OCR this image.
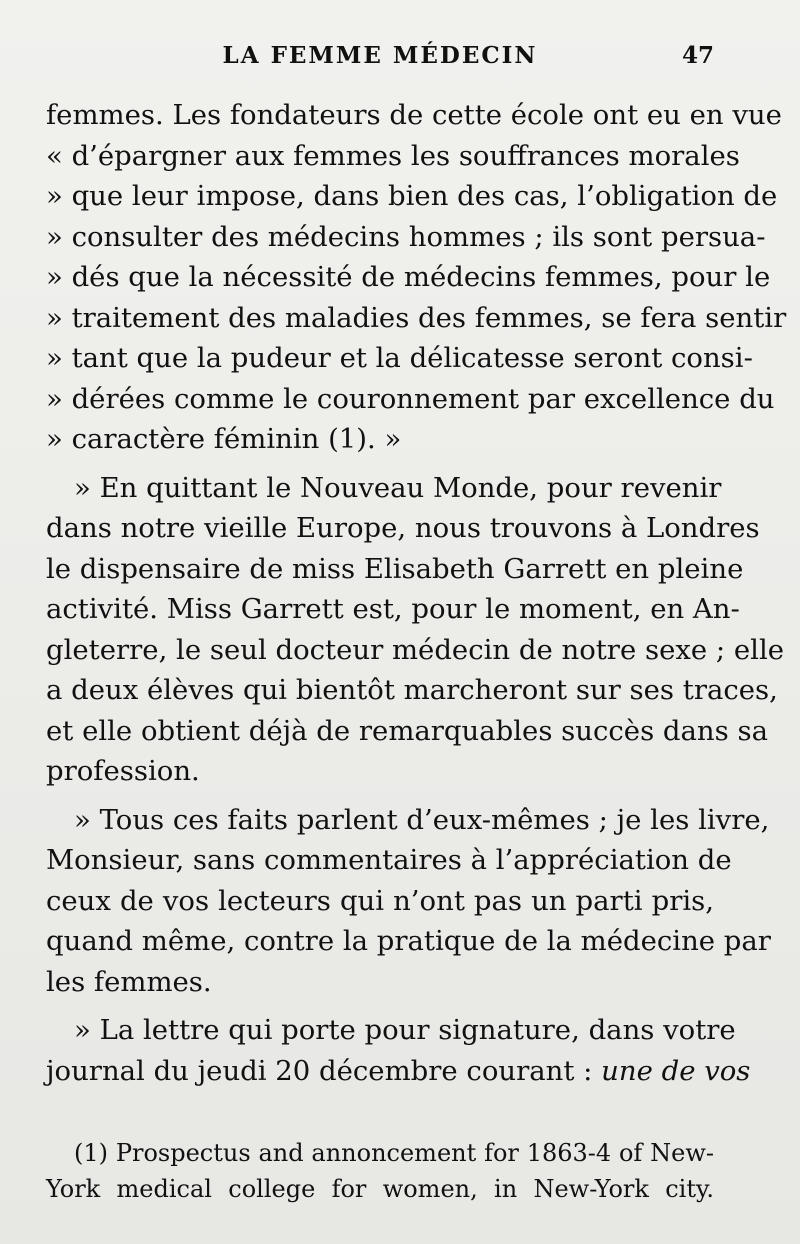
LA FEMME MÉDECIN	47
femmes. Les fondateurs de cette école ont eu en vue
« d’épargner aux femmes les souffrances morales
» que leur impose, dans bien des cas, l’obligation de
» consulter des médecins hommes ; ils sont persua-
» dés que la nécessité de médecins femmes, pour le
» traitement des maladies des femmes, se fera sentir
» tant que la pudeur et la délicatesse seront consi-
» dérées comme le couronnement par excellence du
» caractère féminin (1). »
» En quittant le Nouveau Monde, pour revenir
dans notre vieille Europe, nous trouvons à Londres
le dispensaire de miss Elisabeth Garrett en pleine
activité. Miss Garrett est, pour le moment, en An-
gleterre, le seul docteur médecin de notre sexe ; elle
a deux élèves qui bientôt marcheront sur ses traces,
et elle obtient déjà de remarquables succès dans sa
profession.
» Tous ces faits parlent d’eux-mêmes ; je les livre,
Monsieur, sans commentaires à l’appréciation de
ceux de vos lecteurs qui n’ont pas un parti pris,
quand même, contre la pratique de la médecine par
les femmes.
» La lettre qui porte pour signature, dans votre
journal du jeudi 20 décembre courant : une de vos
(1) Prospectus and annoncement for 1863-4 of New-
York medical college for women, in New-York city.
